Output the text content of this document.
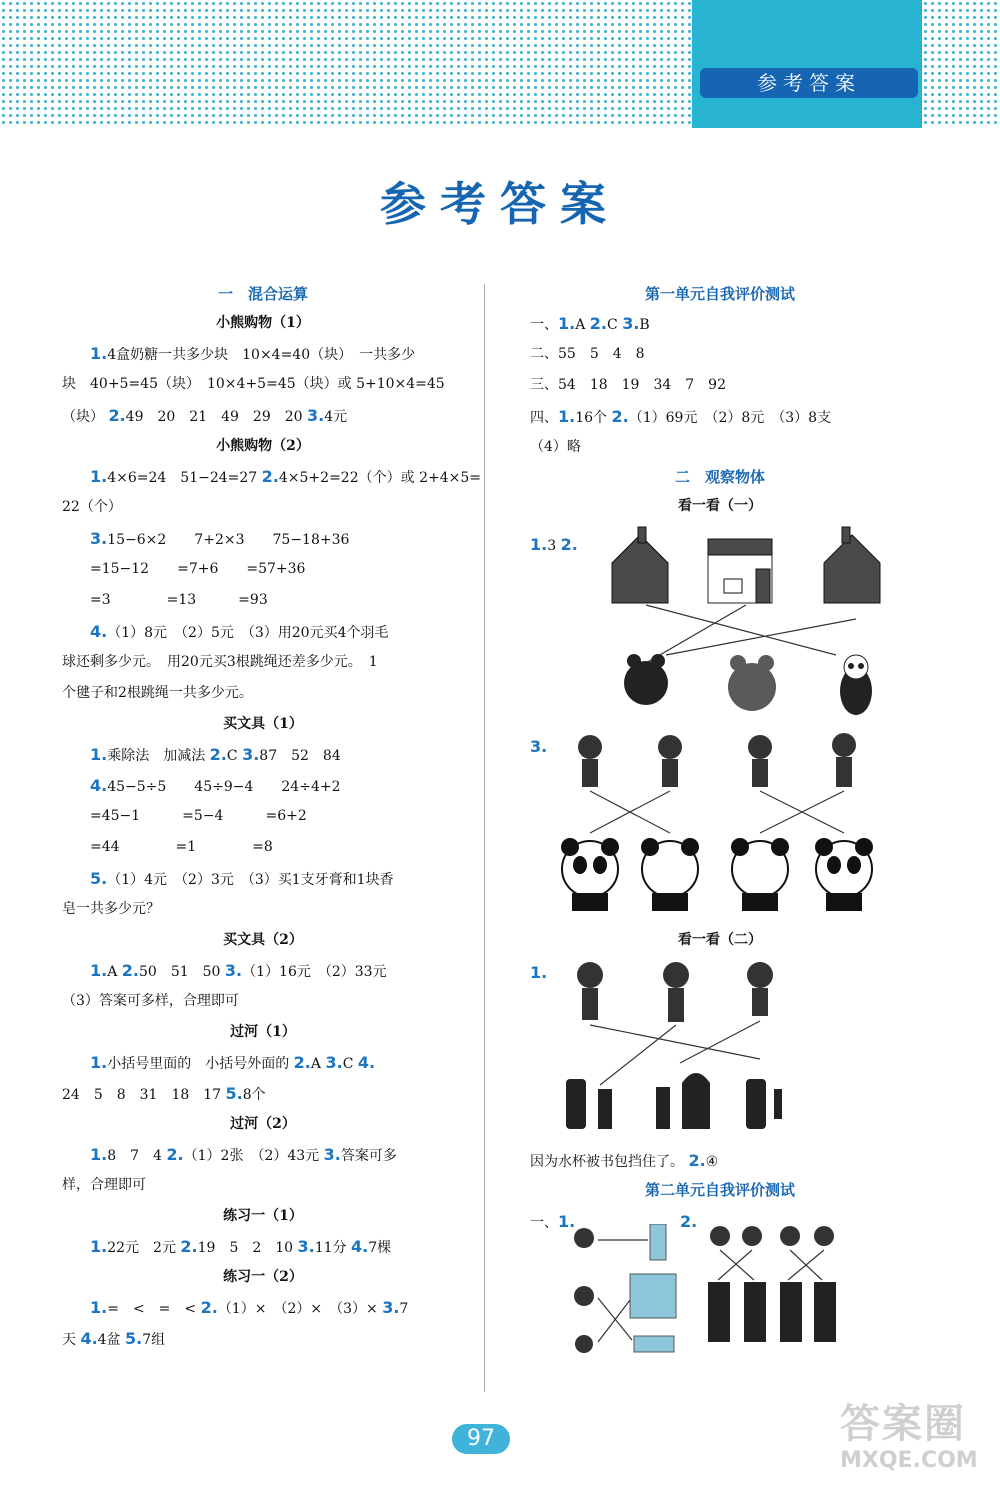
参考答案
参考答案
一　混合运算
小熊购物（1）
1.4盒奶糖一共多少块　10×4=40（块）　一共多少
块　40+5=45（块）　10×4+5=45（块）或 5+10×4=45
（块） 2.49　20　21　49　29　20 3.4元
小熊购物（2）
1.4×6=24　51−24=27 2.4×5+2=22（个）或 2+4×5=
22（个）
3.15−6×2　　7+2×3　　75−18+36
=15−12　　=7+6　　=57+36
=3　　　　=13　　　=93
4.（1）8元　（2）5元　（3）用20元买4个羽毛
球还剩多少元。　用20元买3根跳绳还差多少元。　1
个毽子和2根跳绳一共多少元。
买文具（1）
1.乘除法　加减法 2.C 3.87　52　84
4.45−5÷5　　45÷9−4　　24÷4+2
=45−1　　　=5−4　　　=6+2
=44　　　　=1　　　　=8
5.（1）4元　（2）3元　（3）买1支牙膏和1块香
皂一共多少元？
买文具（2）
1.A 2.50　51　50 3.（1）16元　（2）33元
（3）答案可多样，合理即可
过河（1）
1.小括号里面的　小括号外面的 2.A 3.C 4.
24　5　8　31　18　17 5.8个
过河（2）
1.8　7　4 2.（1）2张　（2）43元 3.答案可多
样，合理即可
练习一（1）
1.22元　2元 2.19　5　2　10 3.11分 4.7棵
练习一（2）
1.=　<　=　< 2.（1）×　（2）×　（3）× 3.7
天 4.4盆 5.7组
第一单元自我评价测试
一、1.A 2.C 3.B
二、55　5　4　8
三、54　18　19　34　7　92
四、1.16个 2.（1）69元　（2）8元　（3）8支
（4）略
二　观察物体
看一看（一）
1.3 2.
3.
看一看（二）
1.
因为水杯被书包挡住了。 2.④
第二单元自我评价测试
一、1.	2.
97	答案圈
MXQE.COM
